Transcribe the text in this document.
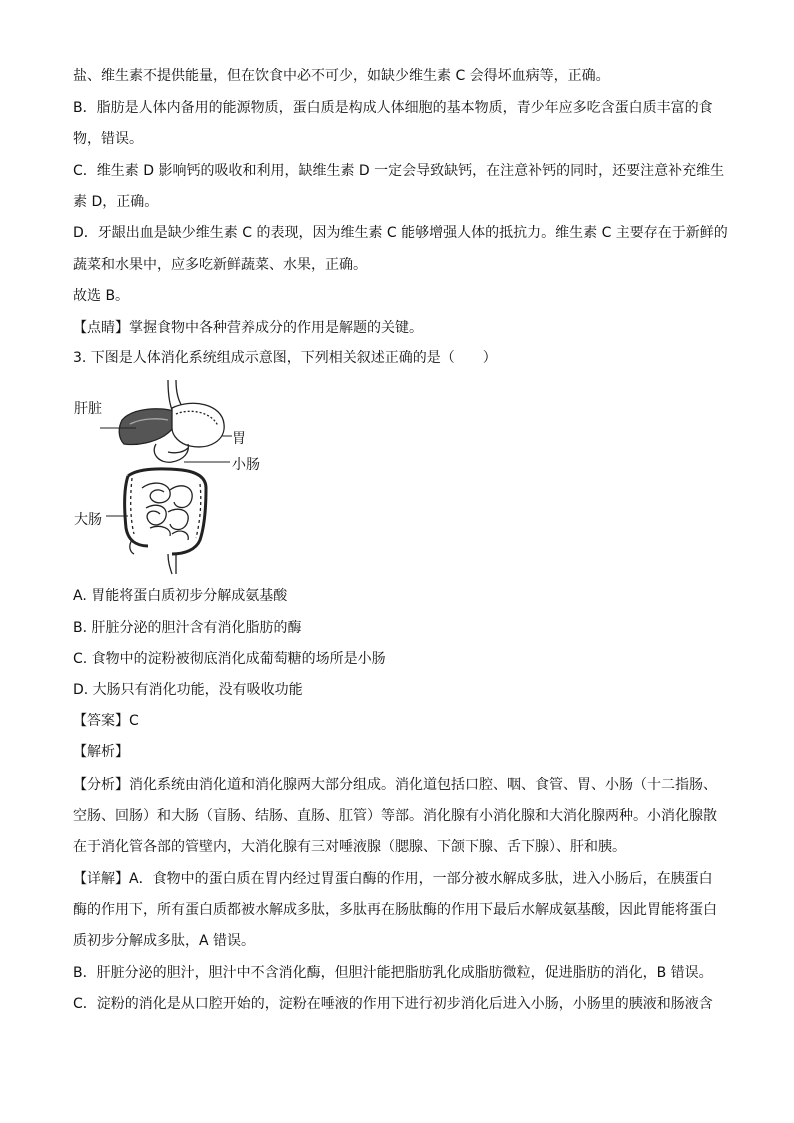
盐、维生素不提供能量，但在饮食中必不可少，如缺少维生素 C 会得坏血病等，正确。
B．脂肪是人体内备用的能源物质，蛋白质是构成人体细胞的基本物质，青少年应多吃含蛋白质丰富的食
物，错误。
C．维生素 D 影响钙的吸收和利用，缺维生素 D 一定会导致缺钙，在注意补钙的同时，还要注意补充维生
素 D，正确。
D．牙龈出血是缺少维生素 C 的表现，因为维生素 C 能够增强人体的抵抗力。维生素 C 主要存在于新鲜的
蔬菜和水果中，应多吃新鲜蔬菜、水果，正确。
故选 B。
【点睛】掌握食物中各种营养成分的作用是解题的关键。
3. 下图是人体消化系统组成示意图，下列相关叙述正确的是（　　）
肝脏
胃
小肠
大肠
A. 胃能将蛋白质初步分解成氨基酸
B. 肝脏分泌的胆汁含有消化脂肪的酶
C. 食物中的淀粉被彻底消化成葡萄糖的场所是小肠
D. 大肠只有消化功能，没有吸收功能
【答案】C
【解析】
【分析】消化系统由消化道和消化腺两大部分组成。消化道包括口腔、咽、食管、胃、小肠（十二指肠、
空肠、回肠）和大肠（盲肠、结肠、直肠、肛管）等部。消化腺有小消化腺和大消化腺两种。小消化腺散
在于消化管各部的管壁内，大消化腺有三对唾液腺（腮腺、下颌下腺、舌下腺）、肝和胰。
【详解】A．食物中的蛋白质在胃内经过胃蛋白酶的作用，一部分被水解成多肽，进入小肠后，在胰蛋白
酶的作用下，所有蛋白质都被水解成多肽，多肽再在肠肽酶的作用下最后水解成氨基酸，因此胃能将蛋白
质初步分解成多肽，A 错误。
B．肝脏分泌的胆汁，胆汁中不含消化酶，但胆汁能把脂肪乳化成脂肪微粒，促进脂肪的消化，B 错误。
C．淀粉的消化是从口腔开始的，淀粉在唾液的作用下进行初步消化后进入小肠，小肠里的胰液和肠液含
